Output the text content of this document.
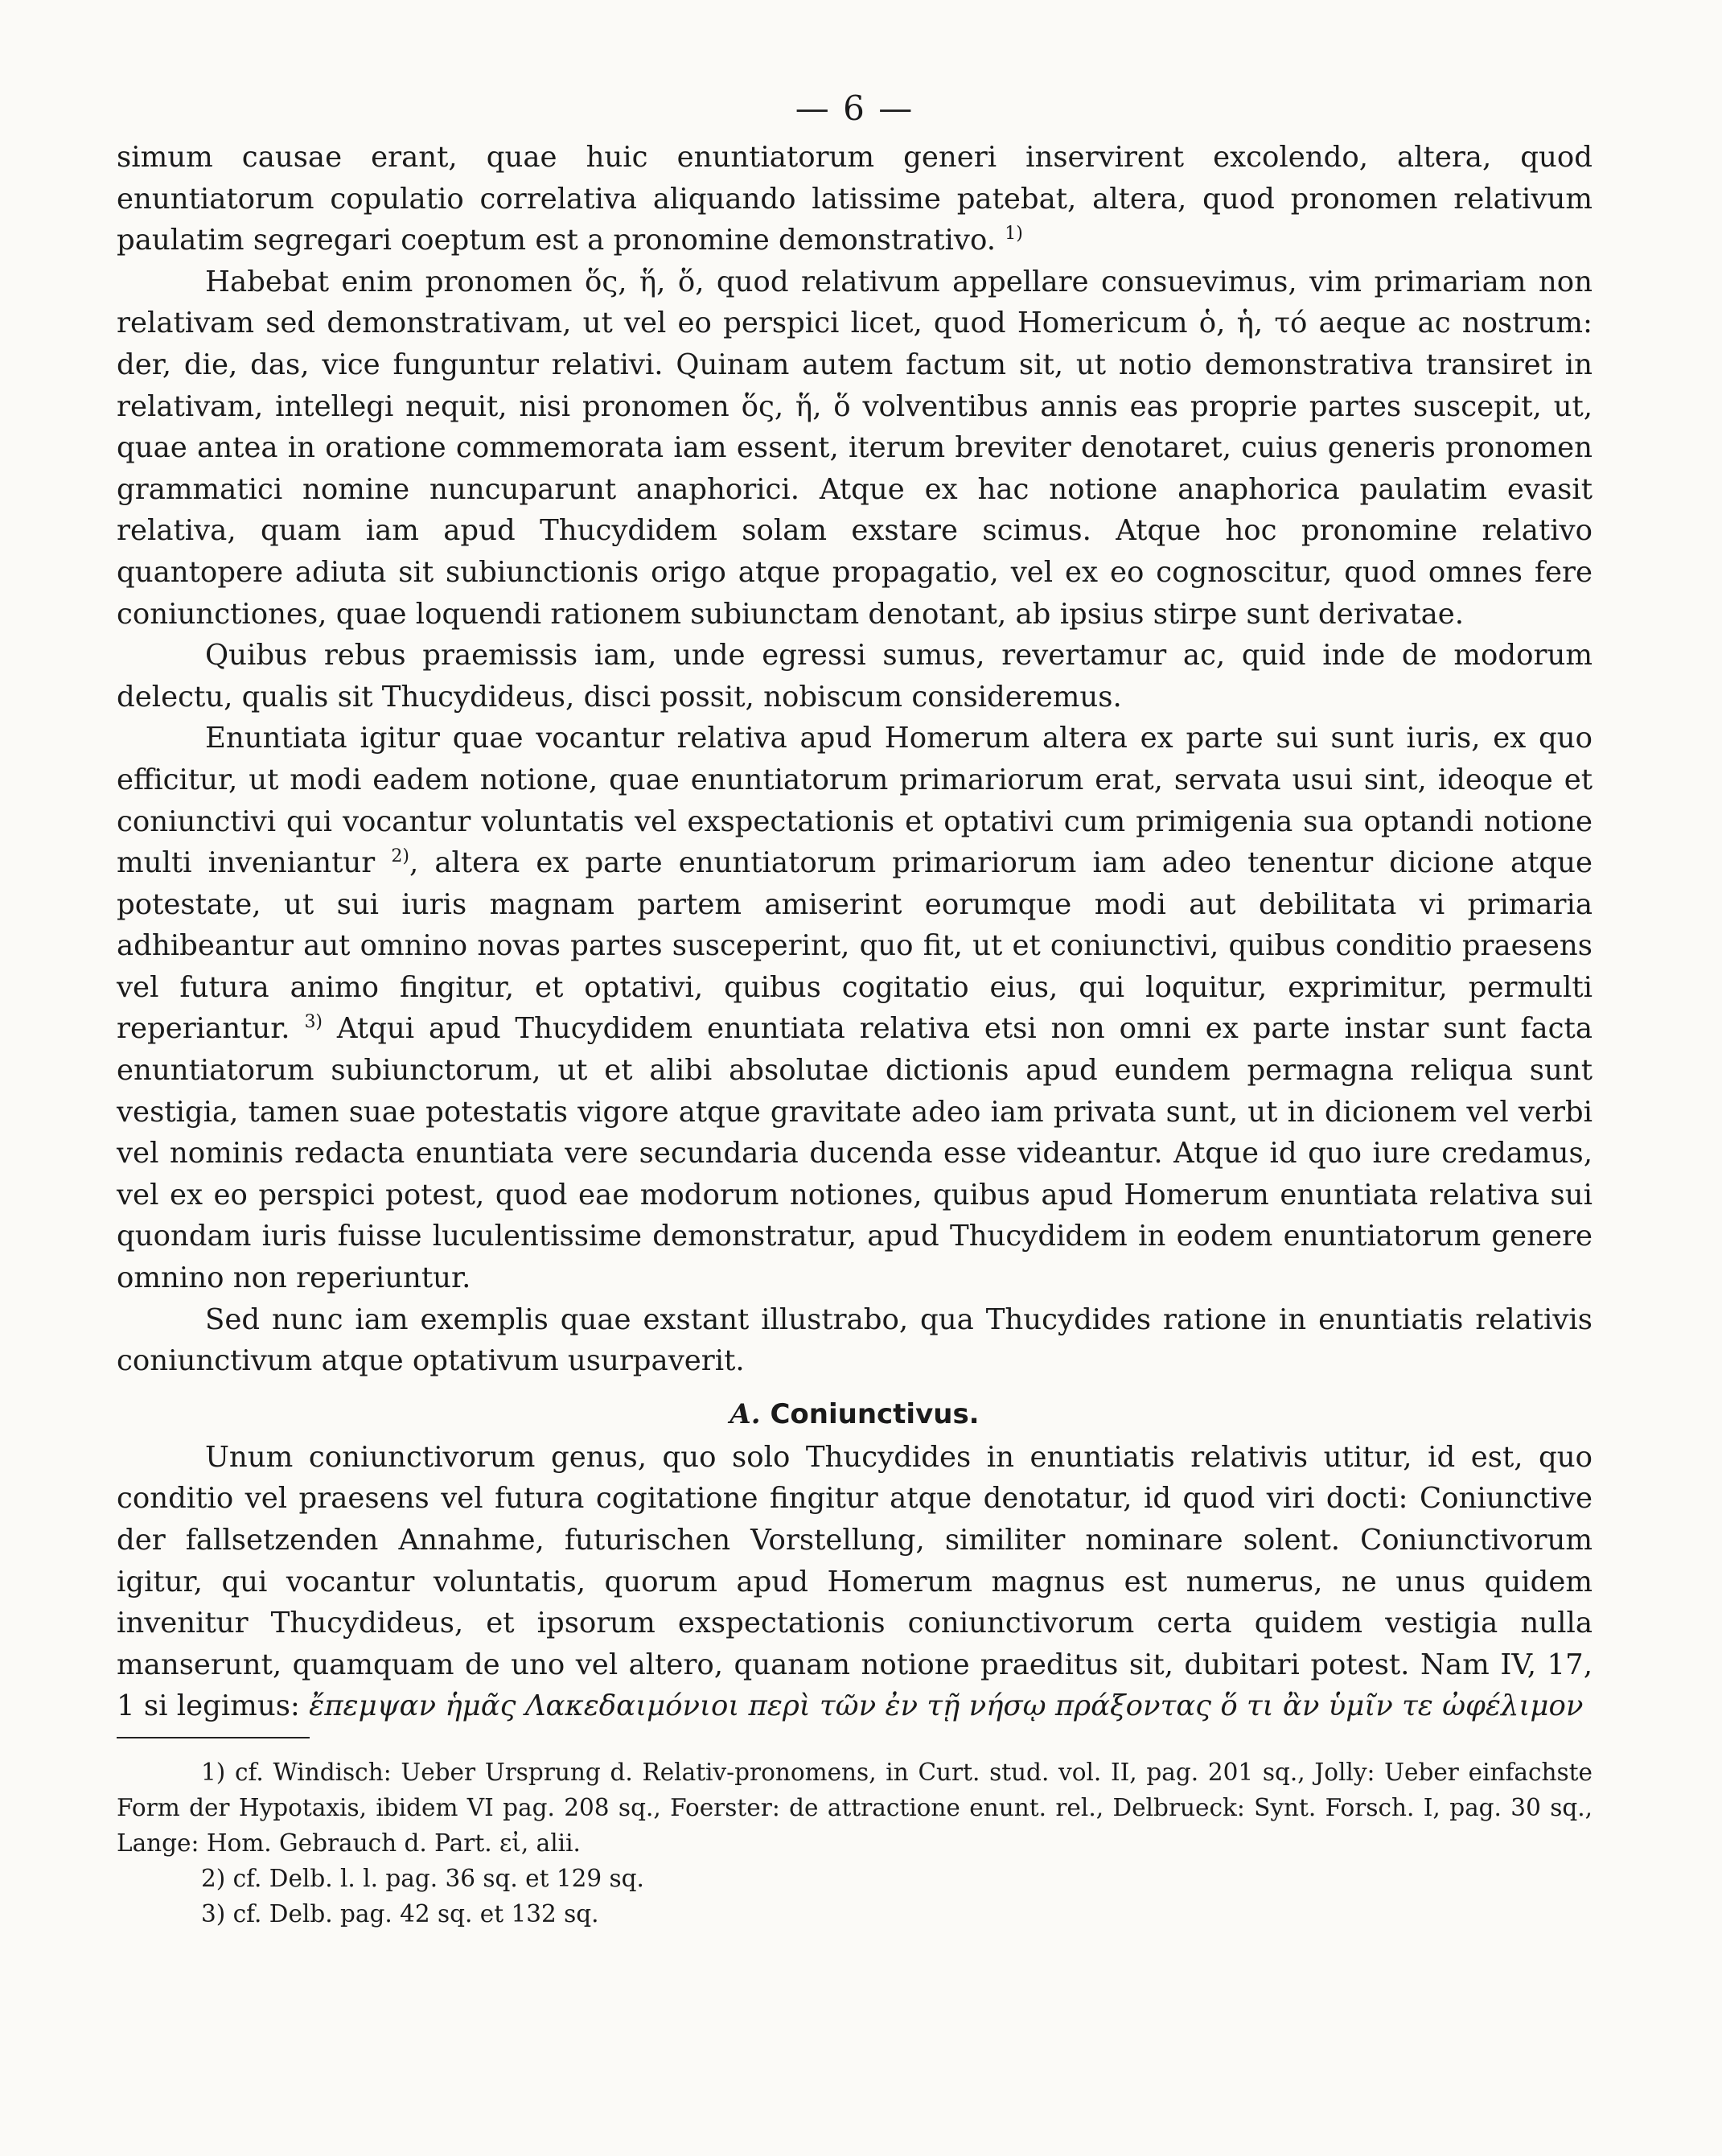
— 6 —

simum causae erant, quae huic enuntiatorum generi inservirent excolendo, altera, quod enuntiatorum copulatio correlativa aliquando latissime patebat, altera, quod pronomen relativum paulatim segregari coeptum est a pronomine demonstrativo. $^{1)}$

Habebat enim pronomen ὅς, ἥ, ὅ, quod relativum appellare consuevimus, vim primariam non relativam sed demonstrativam, ut vel eo perspici licet, quod Homericum ὁ, ἡ, τό aeque ac nostrum: der, die, das, vice funguntur relativi. Quinam autem factum sit, ut notio demonstrativa transiret in relativam, intellegi nequit, nisi pronomen ὅς, ἥ, ὅ volventibus annis eas proprie partes suscepit, ut, quae antea in oratione commemorata iam essent, iterum breviter denotaret, cuius generis pronomen grammatici nomine nuncuparunt anaphorici. Atque ex hac notione anaphorica paulatim evasit relativa, quam iam apud Thucydidem solam exstare scimus. Atque hoc pronomine relativo quantopere adiuta sit subiunctionis origo atque propagatio, vel ex eo cognoscitur, quod omnes fere coniunctiones, quae loquendi rationem subiunctam denotant, ab ipsius stirpe sunt derivatae.

Quibus rebus praemissis iam, unde egressi sumus, revertamur ac, quid inde de modorum delectu, qualis sit Thucydideus, disci possit, nobiscum consideremus.

Enuntiata igitur quae vocantur relativa apud Homerum altera ex parte sui sunt iuris, ex quo efficitur, ut modi eadem notione, quae enuntiatorum primariorum erat, servata usui sint, ideoque et coniunctivi qui vocantur voluntatis vel exspectationis et optativi cum primigenia sua optandi notione multi inveniantur $^{2)}$, altera ex parte enuntiatorum primariorum iam adeo tenentur dicione atque potestate, ut sui iuris magnam partem amiserint eorumque modi aut debilitata vi primaria adhibeantur aut omnino novas partes susceperint, quo fit, ut et coniunctivi, quibus conditio praesens vel futura animo fingitur, et optativi, quibus cogitatio eius, qui loquitur, exprimitur, permulti reperiantur. $^{3)}$ Atqui apud Thucydidem enuntiata relativa etsi non omni ex parte instar sunt facta enuntiatorum subiunctorum, ut et alibi absolutae dictionis apud eundem permagna reliqua sunt vestigia, tamen suae potestatis vigore atque gravitate adeo iam privata sunt, ut in dicionem vel verbi vel nominis redacta enuntiata vere secundaria ducenda esse videantur. Atque id quo iure credamus, vel ex eo perspici potest, quod eae modorum notiones, quibus apud Homerum enuntiata relativa sui quondam iuris fuisse luculentissime demonstratur, apud Thucydidem in eodem enuntiatorum genere omnino non reperiuntur.

Sed nunc iam exemplis quae exstant illustrabo, qua Thucydides ratione in enuntiatis relativis coniunctivum atque optativum usurpaverit.

A. Coniunctivus.

Unum coniunctivorum genus, quo solo Thucydides in enuntiatis relativis utitur, id est, quo conditio vel praesens vel futura cogitatione fingitur atque denotatur, id quod viri docti: Coniunctive der fallsetzenden Annahme, futurischen Vorstellung, similiter nominare solent. Coniunctivorum igitur, qui vocantur voluntatis, quorum apud Homerum magnus est numerus, ne unus quidem invenitur Thucydideus, et ipsorum exspectationis coniunctivorum certa quidem vestigia nulla manserunt, quamquam de uno vel altero, quanam notione praeditus sit, dubitari potest. Nam IV, 17, 1 si legimus: ἔπεμψαν ἡμᾶς Λακεδαιμόνιοι περὶ τῶν ἐν τῇ νήσῳ πράξοντας ὅ τι ἂν ὑμῖν τε ὠφέλιμον

1) cf. Windisch: Ueber Ursprung d. Relativ-pronomens, in Curt. stud. vol. II, pag. 201 sq., Jolly: Ueber einfachste Form der Hypotaxis, ibidem VI pag. 208 sq., Foerster: de attractione enunt. rel., Delbrueck: Synt. Forsch. I, pag. 30 sq., Lange: Hom. Gebrauch d. Part. εἰ, alii.

2) cf. Delb. l. l. pag. 36 sq. et 129 sq.

3) cf. Delb. pag. 42 sq. et 132 sq.
